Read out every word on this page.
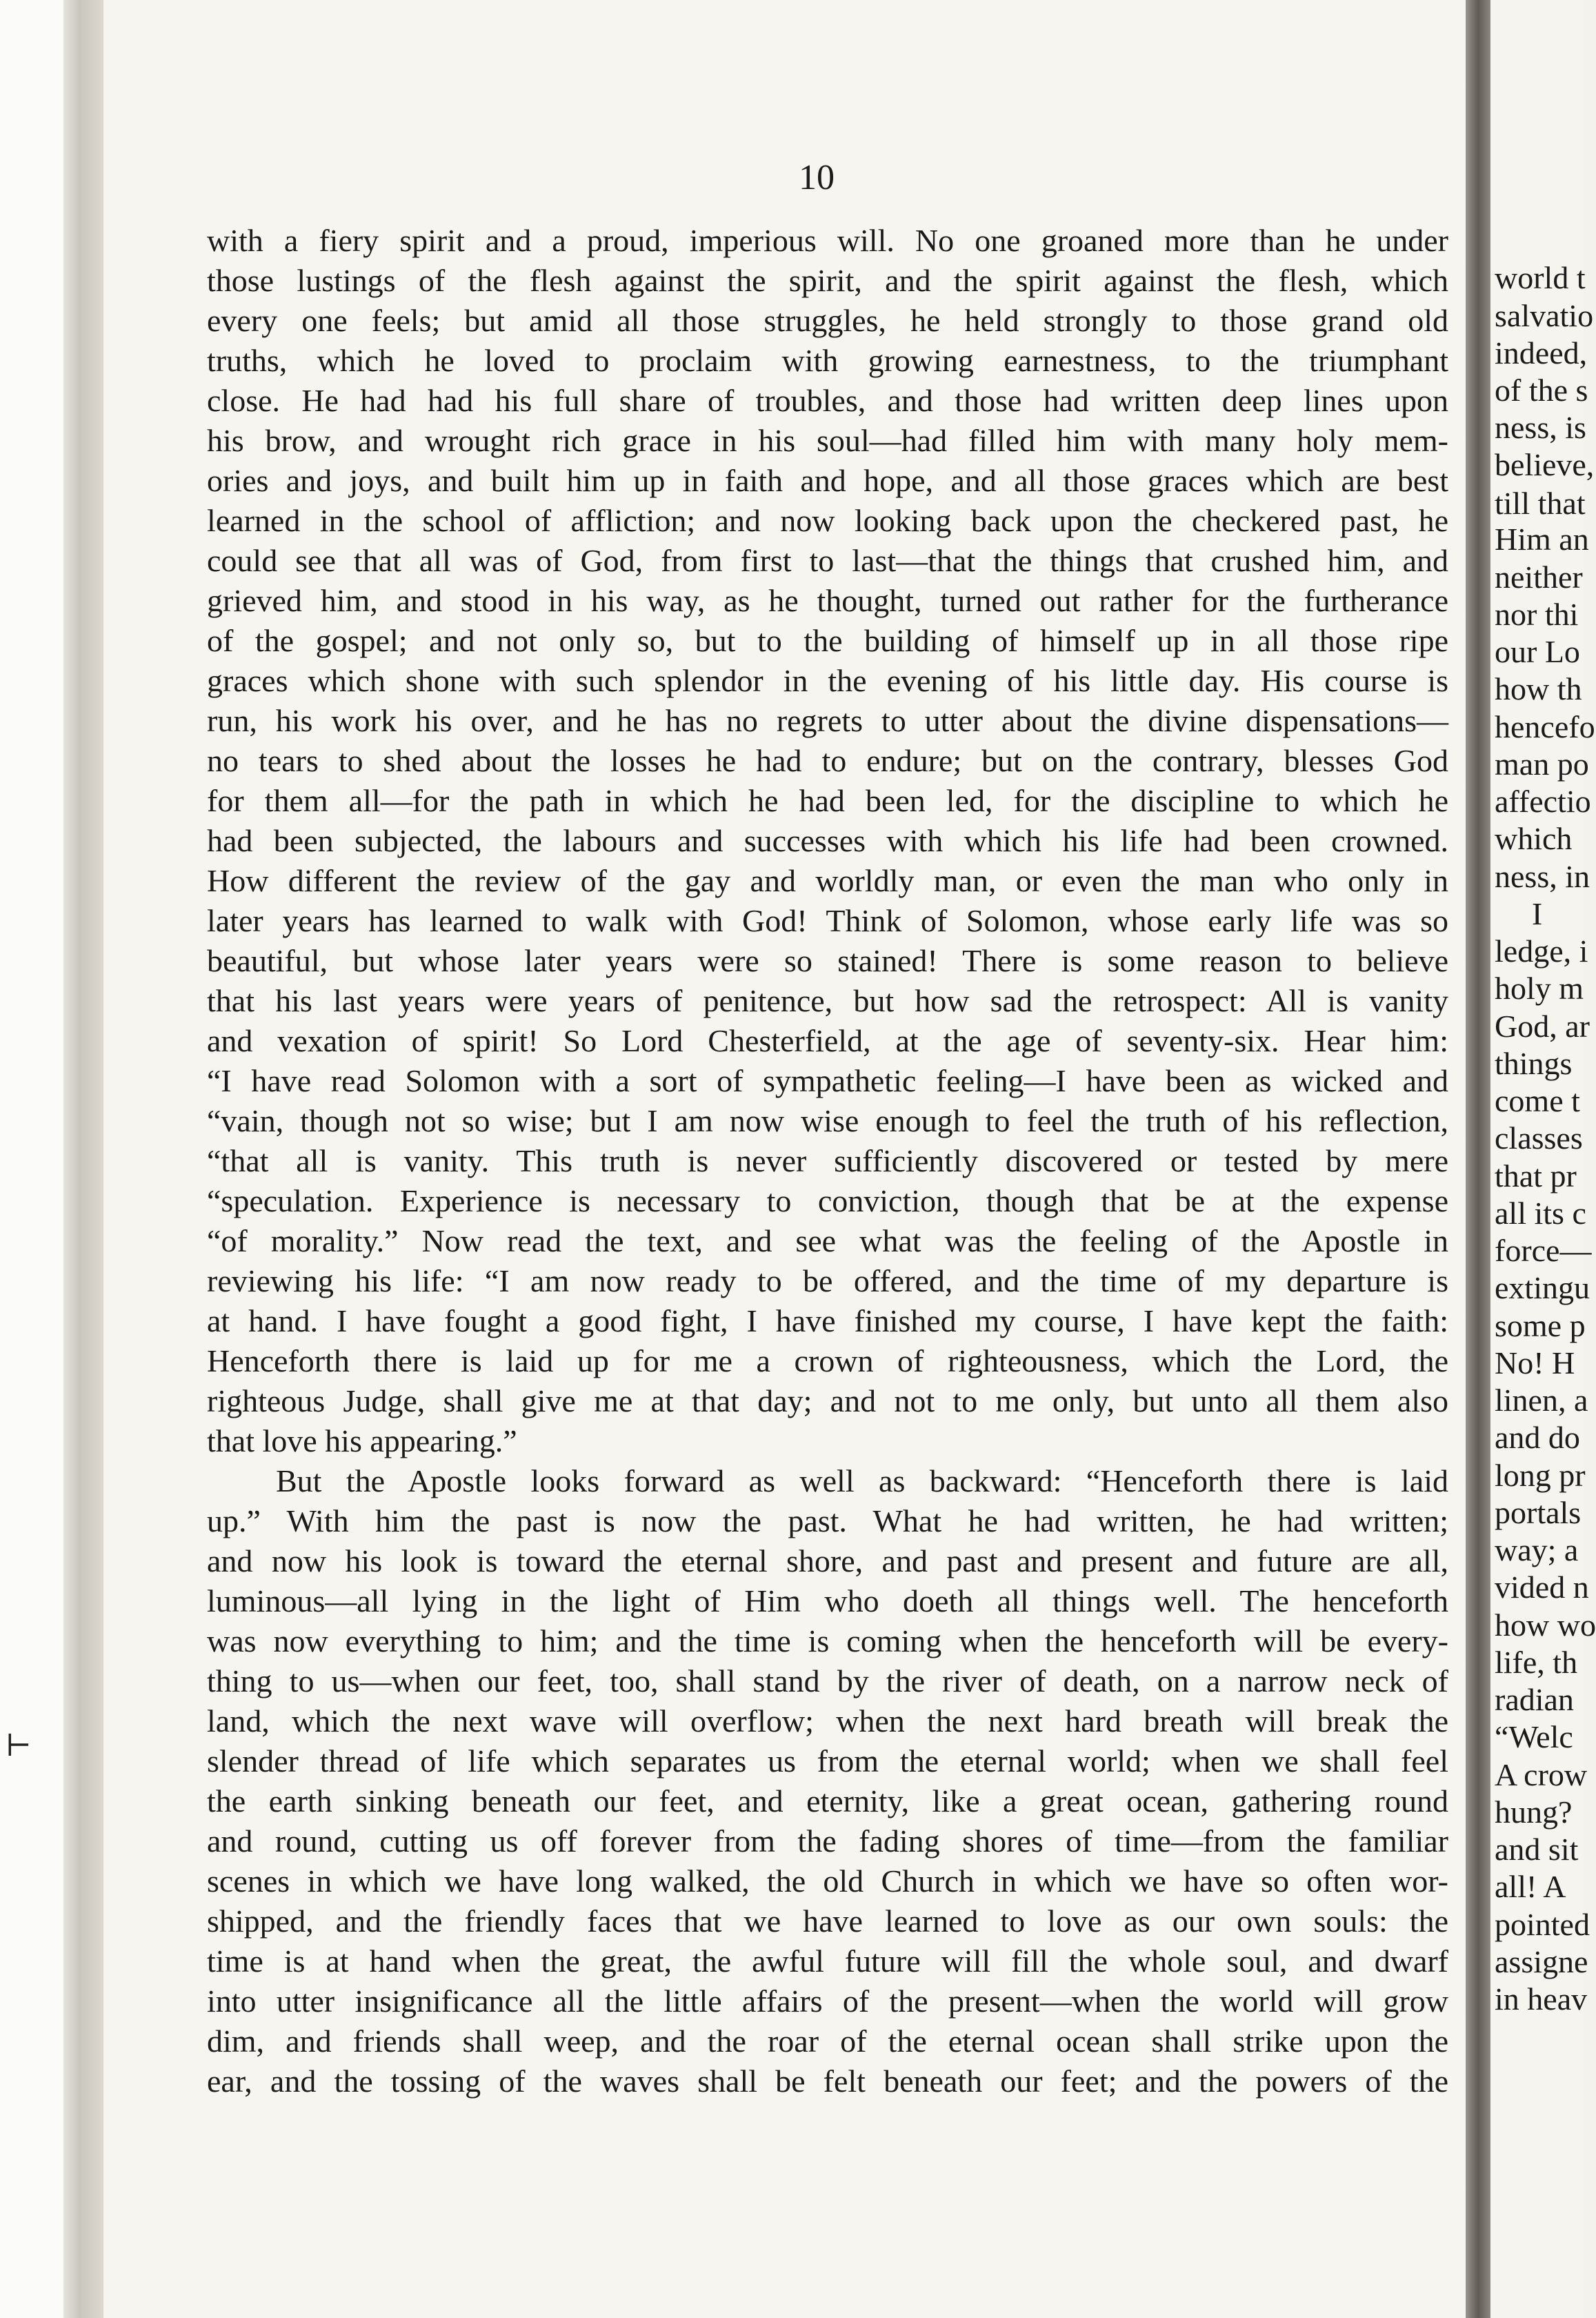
⊢
10
with a fiery spirit and a proud, imperious will. No one groaned more than he under
those lustings of the flesh against the spirit, and the spirit against the flesh, which
every one feels; but amid all those struggles, he held strongly to those grand old
truths, which he loved to proclaim with growing earnestness, to the triumphant
close. He had had his full share of troubles, and those had written deep lines upon
his brow, and wrought rich grace in his soul—had filled him with many holy mem-
ories and joys, and built him up in faith and hope, and all those graces which are best
learned in the school of affliction; and now looking back upon the checkered past, he
could see that all was of God, from first to last—that the things that crushed him, and
grieved him, and stood in his way, as he thought, turned out rather for the furtherance
of the gospel; and not only so, but to the building of himself up in all those ripe
graces which shone with such splendor in the evening of his little day. His course is
run, his work his over, and he has no regrets to utter about the divine dispensations—
no tears to shed about the losses he had to endure; but on the contrary, blesses God
for them all—for the path in which he had been led, for the discipline to which he
had been subjected, the labours and successes with which his life had been crowned.
How different the review of the gay and worldly man, or even the man who only in
later years has learned to walk with God! Think of Solomon, whose early life was so
beautiful, but whose later years were so stained! There is some reason to believe
that his last years were years of penitence, but how sad the retrospect: All is vanity
and vexation of spirit! So Lord Chesterfield, at the age of seventy-six. Hear him:
“I have read Solomon with a sort of sympathetic feeling—I have been as wicked and
“vain, though not so wise; but I am now wise enough to feel the truth of his reflection,
“that all is vanity. This truth is never sufficiently discovered or tested by mere
“speculation. Experience is necessary to conviction, though that be at the expense
“of morality.” Now read the text, and see what was the feeling of the Apostle in
reviewing his life: “I am now ready to be offered, and the time of my departure is
at hand. I have fought a good fight, I have finished my course, I have kept the faith:
Henceforth there is laid up for me a crown of righteousness, which the Lord, the
righteous Judge, shall give me at that day; and not to me only, but unto all them also
that love his appearing.”
But the Apostle looks forward as well as backward: “Henceforth there is laid
up.” With him the past is now the past. What he had written, he had written;
and now his look is toward the eternal shore, and past and present and future are all,
luminous—all lying in the light of Him who doeth all things well. The henceforth
was now everything to him; and the time is coming when the henceforth will be every-
thing to us—when our feet, too, shall stand by the river of death, on a narrow neck of
land, which the next wave will overflow; when the next hard breath will break the
slender thread of life which separates us from the eternal world; when we shall feel
the earth sinking beneath our feet, and eternity, like a great ocean, gathering round
and round, cutting us off forever from the fading shores of time—from the familiar
scenes in which we have long walked, the old Church in which we have so often wor-
shipped, and the friendly faces that we have learned to love as our own souls: the
time is at hand when the great, the awful future will fill the whole soul, and dwarf
into utter insignificance all the little affairs of the present—when the world will grow
dim, and friends shall weep, and the roar of the eternal ocean shall strike upon the
ear, and the tossing of the waves shall be felt beneath our feet; and the powers of the
world t
salvatio
indeed,
of the s
ness, is
believe,
till that
Him an
neither
nor thi
our Lo
how th
hencefo
man po
affectio
which
ness, in
I
ledge, i
holy m
God, ar
things
come t
classes
that pr
all its c
force—
extingu
some p
No! H
linen, a
and do
long pr
portals
way; a
vided n
how wo
life, th
radian
“Welc
A crow
hung?
and sit
all! A
pointed
assigne
in heav
